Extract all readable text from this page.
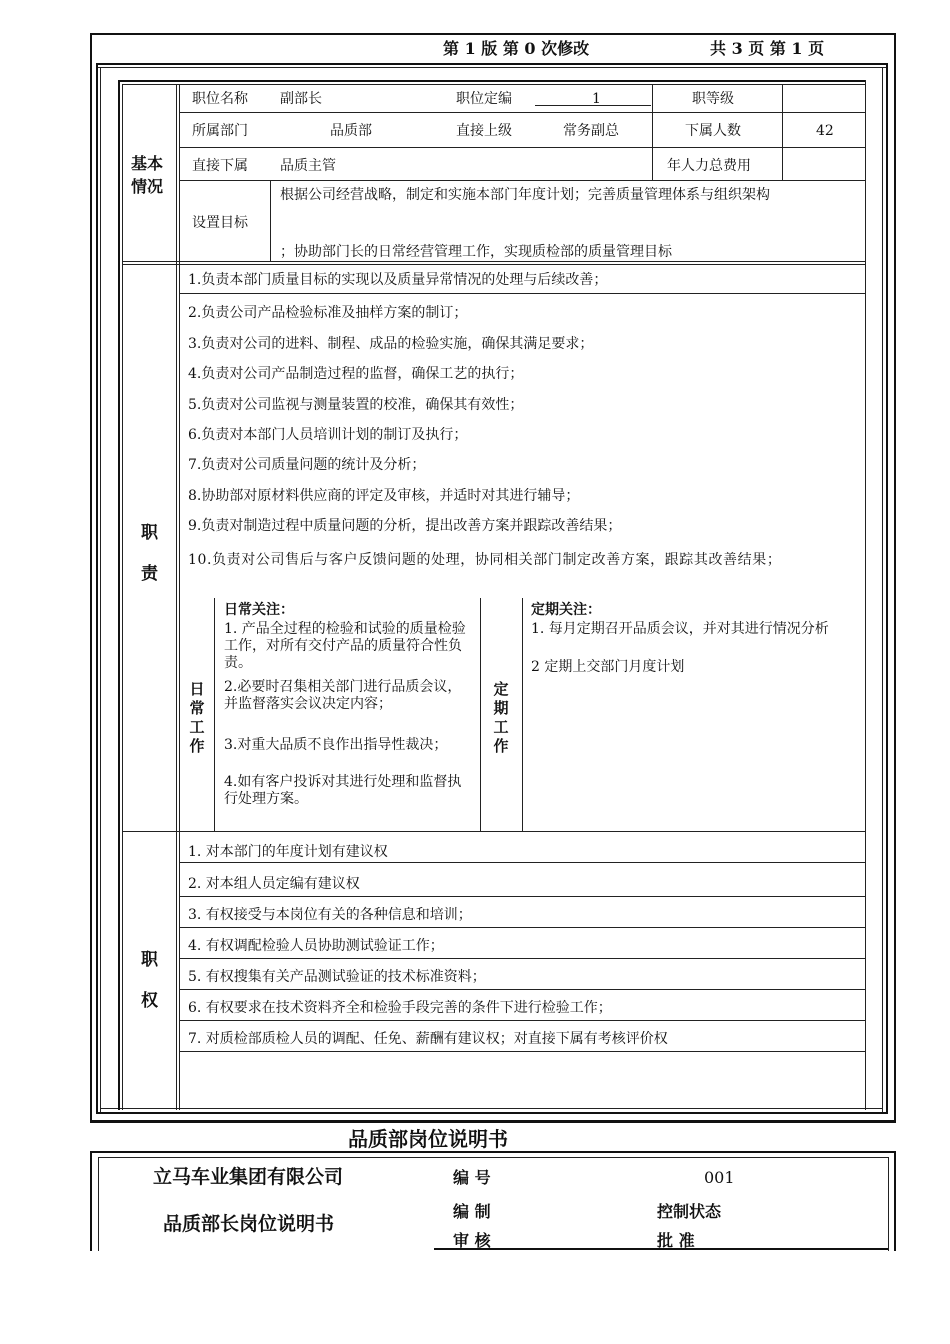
第 1 版 第 0 次修改	共 3 页 第 1 页
基本
情况
职位名称 副部长	职位定编	1	职等级
所属部门	品质部	直接上级	常务副总	下属人数	42
直接下属 品质主管	年人力总费用
设置目标
根据公司经营战略，制定和实施本部门年度计划；完善质量管理体系与组织架构
；协助部门长的日常经营管理工作，实现质检部的质量管理目标
职
责
1.负责本部门质量目标的实现以及质量异常情况的处理与后续改善；
2.负责公司产品检验标准及抽样方案的制订；
3.负责对公司的进料、制程、成品的检验实施，确保其满足要求；
4.负责对公司产品制造过程的监督，确保工艺的执行；
5.负责对公司监视与测量装置的校准，确保其有效性；
6.负责对本部门人员培训计划的制订及执行；
7.负责对公司质量问题的统计及分析；
8.协助部对原材料供应商的评定及审核，并适时对其进行辅导；
9.负责对制造过程中质量问题的分析，提出改善方案并跟踪改善结果；
10.负责对公司售后与客户反馈问题的处理，协同相关部门制定改善方案，跟踪其改善结果；
日常工作
日常关注：
1. 产品全过程的检验和试验的质量检验工作，对所有交付产品的质量符合性负责。
2.必要时召集相关部门进行品质会议，并监督落实会议决定内容；
3.对重大品质不良作出指导性裁决；
4.如有客户投诉对其进行处理和监督执行处理方案。
定期工作
定期关注：
1. 每月定期召开品质会议，并对其进行情况分析
2 定期上交部门月度计划
职
权
1. 对本部门的年度计划有建议权
2. 对本组人员定编有建议权
3. 有权接受与本岗位有关的各种信息和培训；
4. 有权调配检验人员协助测试验证工作；
5. 有权搜集有关产品测试验证的技术标准资料；
6. 有权要求在技术资料齐全和检验手段完善的条件下进行检验工作；
7. 对质检部质检人员的调配、任免、薪酬有建议权；对直接下属有考核评价权
品质部岗位说明书
立马车业集团有限公司
品质部长岗位说明书
编 号	001
编 制	控制状态
审 核	批 准
